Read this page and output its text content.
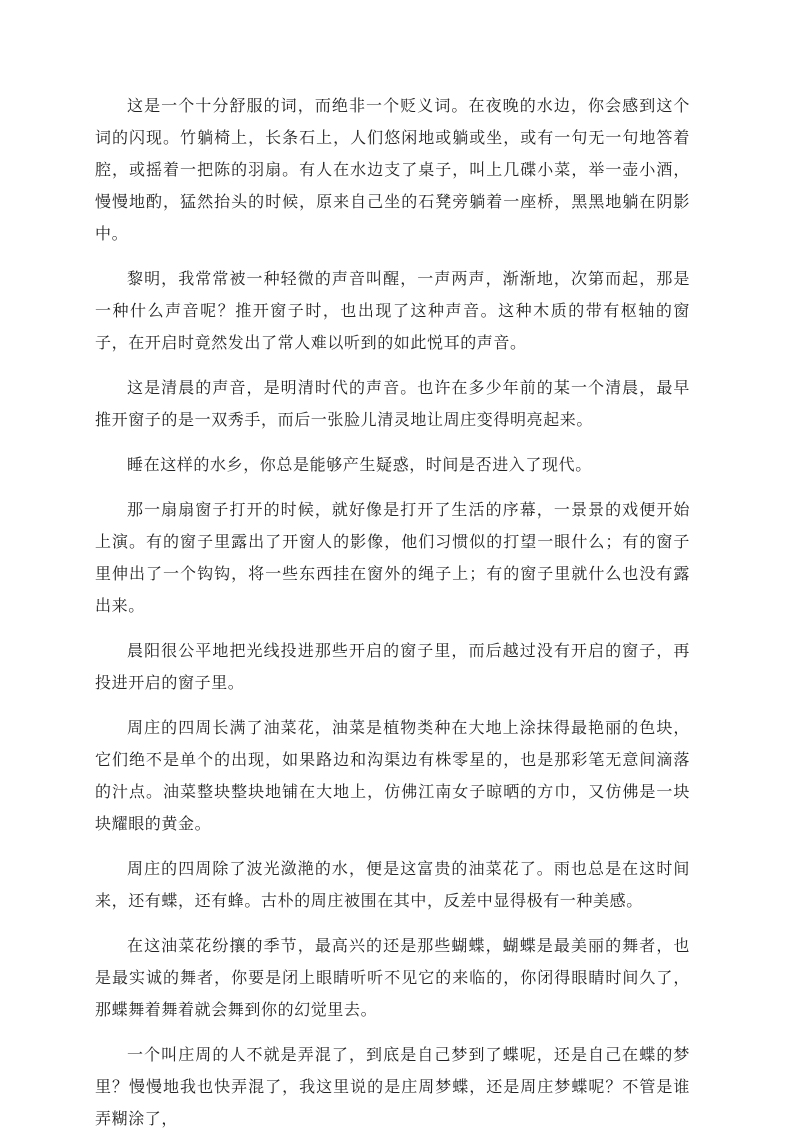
这是一个十分舒服的词，而绝非一个贬义词。在夜晚的水边，你会感到这个词的闪现。竹躺椅上，长条石上，人们悠闲地或躺或坐，或有一句无一句地答着腔，或摇着一把陈的羽扇。有人在水边支了桌子，叫上几碟小菜，举一壶小酒，慢慢地酌，猛然抬头的时候，原来自己坐的石凳旁躺着一座桥，黑黑地躺在阴影中。

黎明，我常常被一种轻微的声音叫醒，一声两声，渐渐地，次第而起，那是一种什么声音呢？推开窗子时，也出现了这种声音。这种木质的带有枢轴的窗子，在开启时竟然发出了常人难以听到的如此悦耳的声音。

这是清晨的声音，是明清时代的声音。也许在多少年前的某一个清晨，最早推开窗子的是一双秀手，而后一张脸儿清灵地让周庄变得明亮起来。

睡在这样的水乡，你总是能够产生疑惑，时间是否进入了现代。

那一扇扇窗子打开的时候，就好像是打开了生活的序幕，一景景的戏便开始上演。有的窗子里露出了开窗人的影像，他们习惯似的打望一眼什么；有的窗子里伸出了一个钩钩，将一些东西挂在窗外的绳子上；有的窗子里就什么也没有露出来。

晨阳很公平地把光线投进那些开启的窗子里，而后越过没有开启的窗子，再投进开启的窗子里。

周庄的四周长满了油菜花，油菜是植物类种在大地上涂抹得最艳丽的色块，它们绝不是单个的出现，如果路边和沟渠边有株零星的，也是那彩笔无意间滴落的汁点。油菜整块整块地铺在大地上，仿佛江南女子晾晒的方巾，又仿佛是一块块耀眼的黄金。

周庄的四周除了波光潋滟的水，便是这富贵的油菜花了。雨也总是在这时间来，还有蝶，还有蜂。古朴的周庄被围在其中，反差中显得极有一种美感。

在这油菜花纷攘的季节，最高兴的还是那些蝴蝶，蝴蝶是最美丽的舞者，也是最实诚的舞者，你要是闭上眼睛听听不见它的来临的，你闭得眼睛时间久了，那蝶舞着舞着就会舞到你的幻觉里去。

一个叫庄周的人不就是弄混了，到底是自己梦到了蝶呢，还是自己在蝶的梦里？慢慢地我也快弄混了，我这里说的是庄周梦蝶，还是周庄梦蝶呢？不管是谁弄糊涂了，
